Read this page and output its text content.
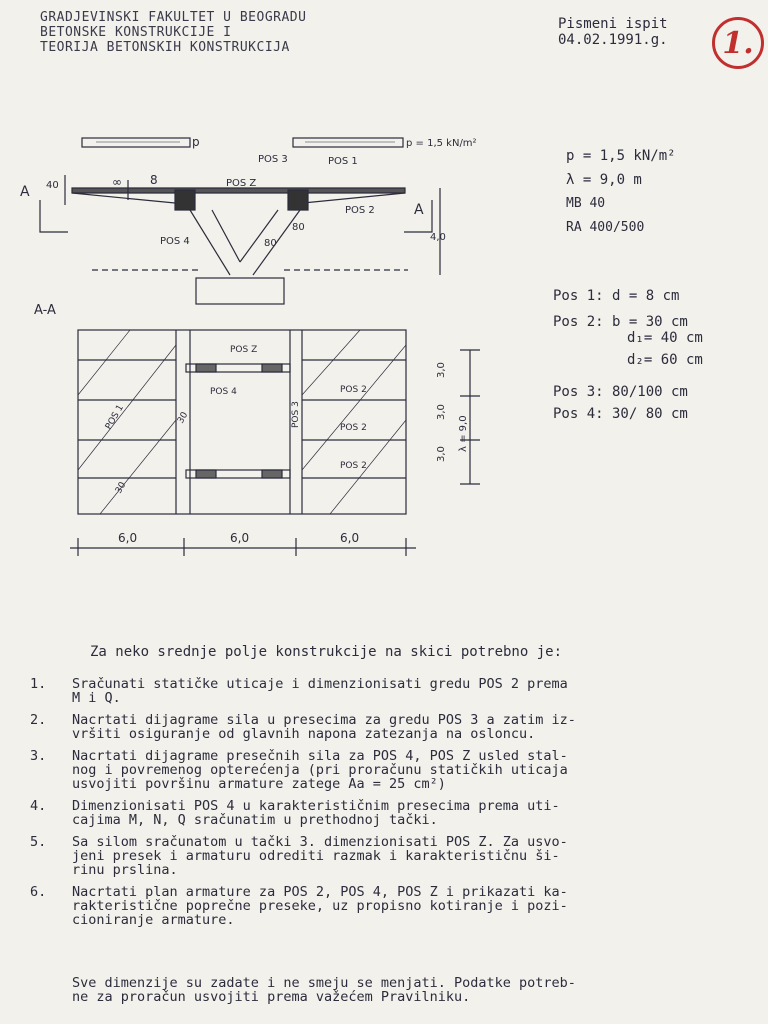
GRADJEVINSKI FAKULTET U BEOGRADU
BETONSKE KONSTRUKCIJE I
TEORIJA BETONSKIH KONSTRUKCIJA
Pismeni ispit
04.02.1991.g.	1.
p = 1,5 kN/m²
λ = 9,0 m
MB 40
RA 400/500
Pos 1: d = 8 cm
Pos 2: b = 30 cm
d₁= 40 cm
d₂= 60 cm
Pos 3: 80/100 cm
Pos 4: 30/ 80 cm
p	p = 1,5 kN/m²
POS 3	POS 1
POS Z
POS 2
POS 4
A
A
40	∞ 8
80
80
4,0
A-A
POS Z
POS 4	POS 2
POS 2
POS 2
POS 3
POS 1	30
30
3,0
3,0
3,0
λ = 9,0
6,0	6,0	6,0
Za neko srednje polje konstrukcije na skici potrebno je:
1.	Sračunati statičke uticaje i dimenzionisati gredu POS 2 prema
M i Q.
2.	Nacrtati dijagrame sila u presecima za gredu POS 3 a zatim iz-
vršiti osiguranje od glavnih napona zatezanja na osloncu.
3.	Nacrtati dijagrame presečnih sila za POS 4, POS Z usled stal-
nog i povremenog opterećenja (pri proračunu statičkih uticaja
usvojiti površinu armature zatege Aa = 25 cm²)
4.	Dimenzionisati POS 4 u karakterističnim presecima prema uti-
cajima M, N, Q sračunatim u prethodnoj tački.
5.	Sa silom sračunatom u tački 3. dimenzionisati POS Z. Za usvo-
jeni presek i armaturu odrediti razmak i karakterističnu ši-
rinu prslina.
6.	Nacrtati plan armature za POS 2, POS 4, POS Z i prikazati ka-
rakteristične poprečne preseke, uz propisno kotiranje i pozi-
cioniranje armature.
Sve dimenzije su zadate i ne smeju se menjati. Podatke potreb-
ne za proračun usvojiti prema važećem Pravilniku.
